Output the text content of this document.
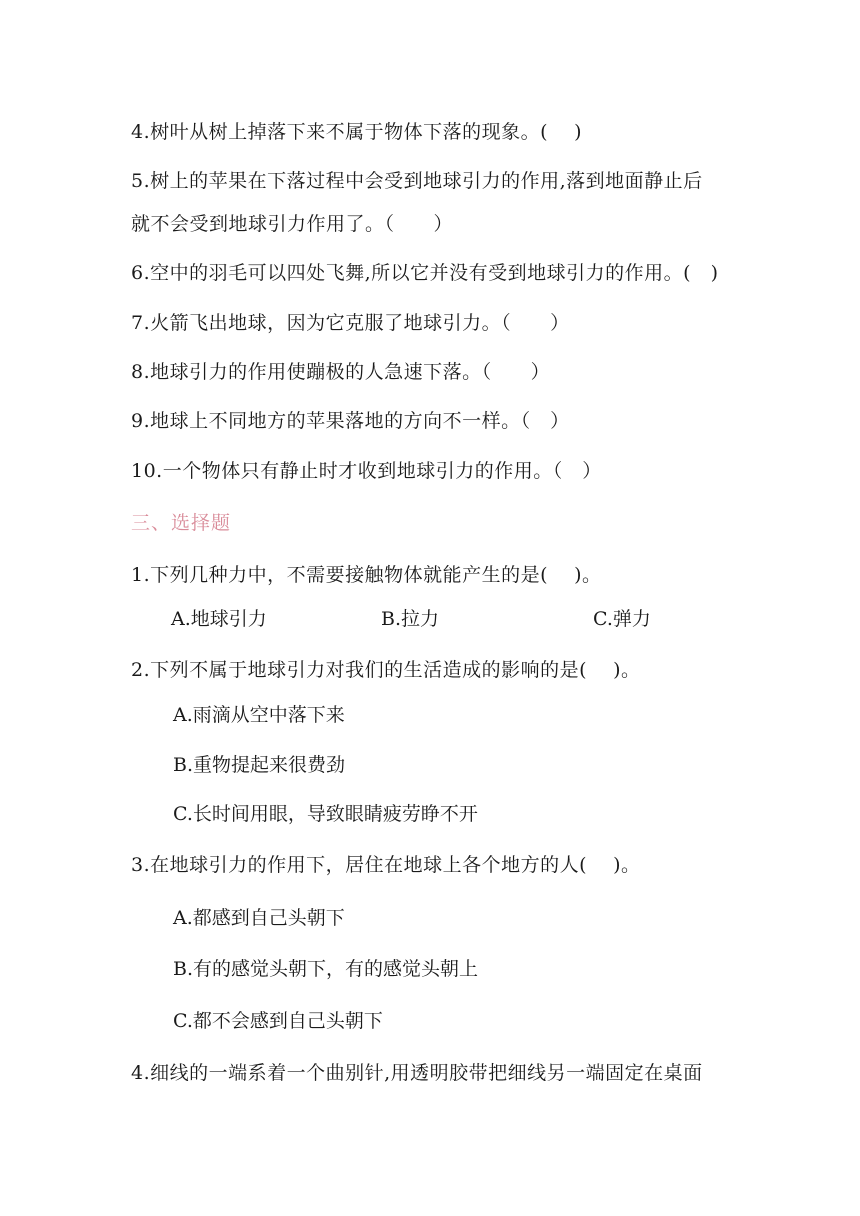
4.树叶从树上掉落下来不属于物体下落的现象。(　 )
5.树上的苹果在下落过程中会受到地球引力的作用,落到地面静止后
就不会受到地球引力作用了。（　　）
6.空中的羽毛可以四处飞舞,所以它并没有受到地球引力的作用。(　)
7.火箭飞出地球，因为它克服了地球引力。（　　）
8.地球引力的作用使蹦极的人急速下落。（　　）
9.地球上不同地方的苹果落地的方向不一样。（　）
10.一个物体只有静止时才收到地球引力的作用。（　）
三、选择题
1.下列几种力中，不需要接触物体就能产生的是(　 )。
A.地球引力	B.拉力	C.弹力
2.下列不属于地球引力对我们的生活造成的影响的是(　 )。
A.雨滴从空中落下来
B.重物提起来很费劲
C.长时间用眼，导致眼睛疲劳睁不开
3.在地球引力的作用下，居住在地球上各个地方的人(　 )。
A.都感到自己头朝下
B.有的感觉头朝下，有的感觉头朝上
C.都不会感到自己头朝下
4.细线的一端系着一个曲别针,用透明胶带把细线另一端固定在桌面
